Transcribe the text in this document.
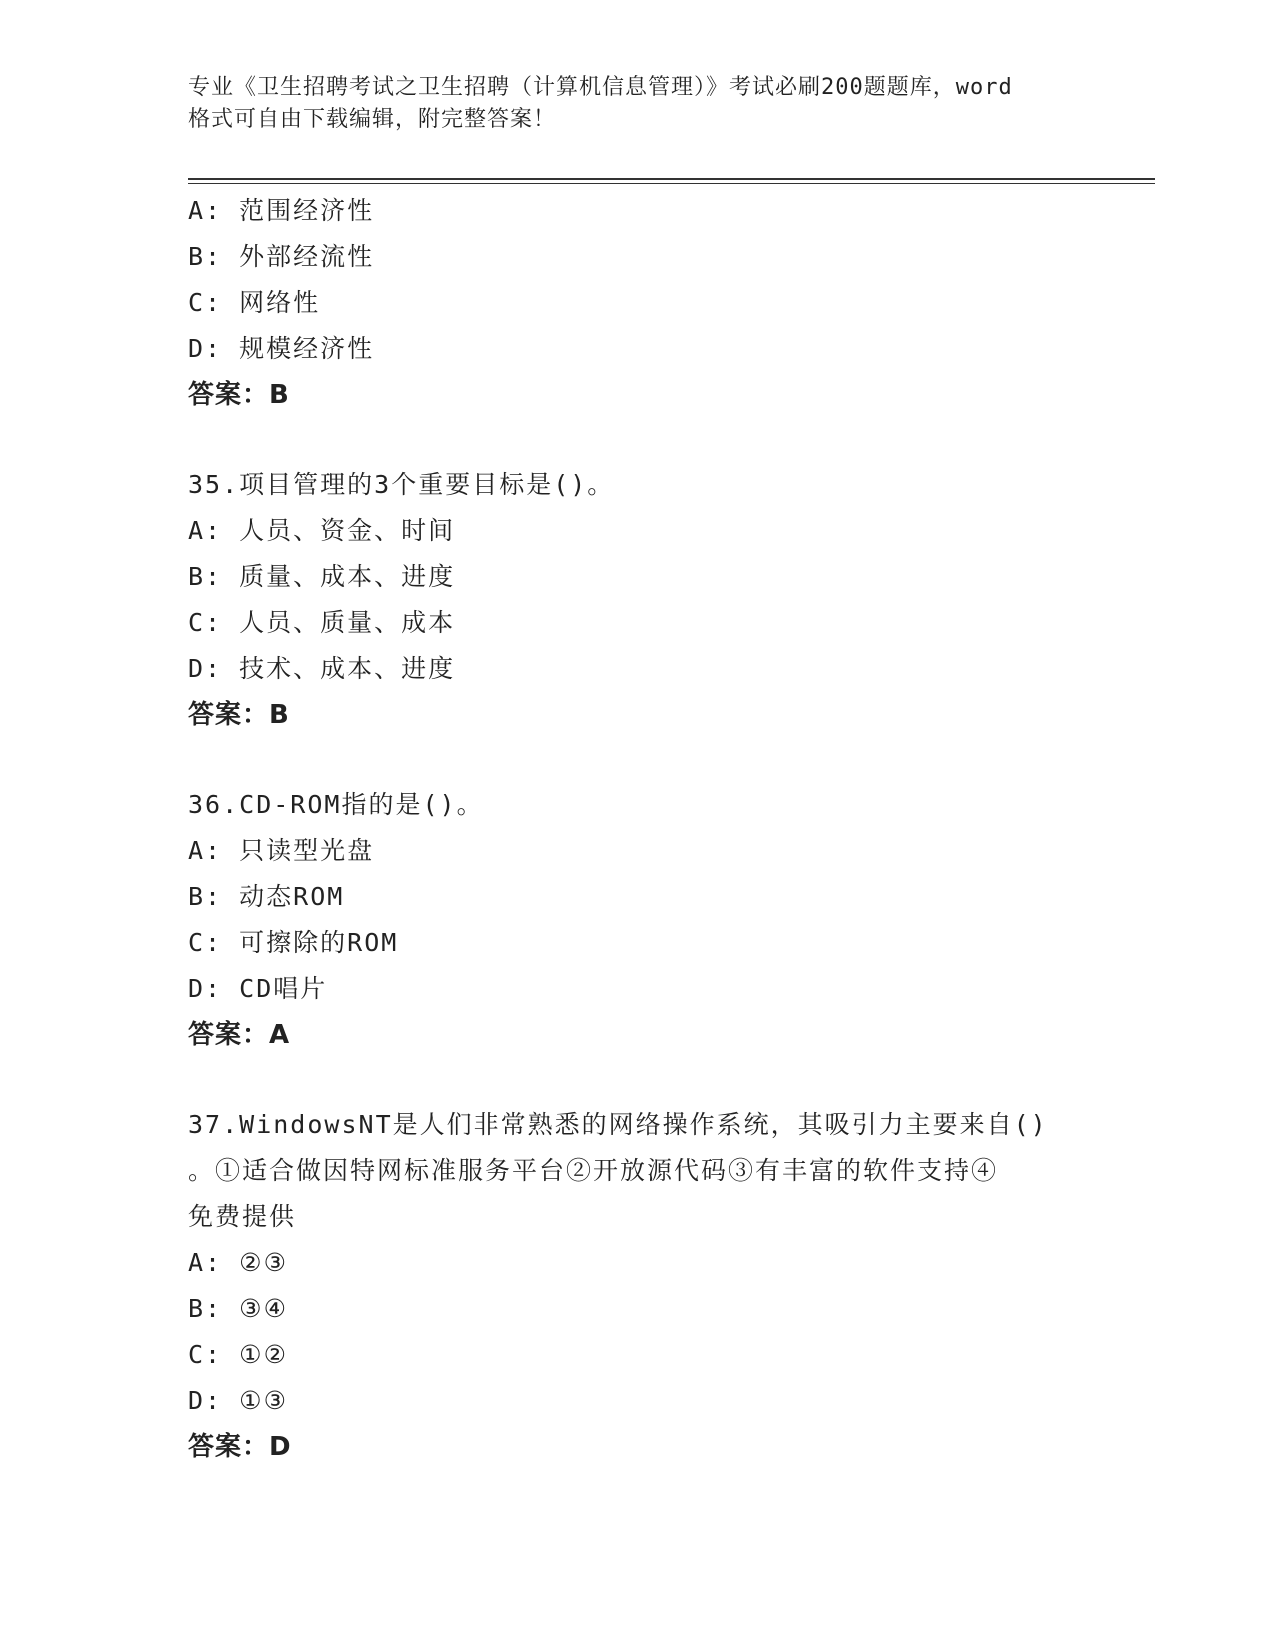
专业《卫生招聘考试之卫生招聘（计算机信息管理）》考试必刷200题题库，word
格式可自由下载编辑，附完整答案！
A: 范围经济性
B: 外部经流性
C: 网络性
D: 规模经济性
答案：B
35.项目管理的3个重要目标是()。
A: 人员、资金、时间
B: 质量、成本、进度
C: 人员、质量、成本
D: 技术、成本、进度
答案：B
36.CD-ROM指的是()。
A: 只读型光盘
B: 动态ROM
C: 可擦除的ROM
D: CD唱片
答案：A
37.WindowsNT是人们非常熟悉的网络操作系统，其吸引力主要来自()
。①适合做因特网标准服务平台②开放源代码③有丰富的软件支持④
免费提供
A: ②③
B: ③④
C: ①②
D: ①③
答案：D
